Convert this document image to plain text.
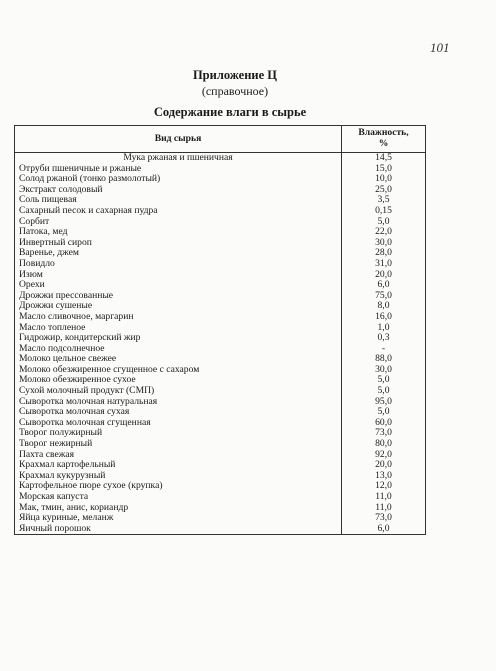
101
Приложение Ц
(справочное)
Содержание влаги в сырье
Вид сырья	Влажность,
%

Мука ржаная и пшеничная	14,5
Отруби пшеничные и ржаные	15,0
Солод ржаной (тонко размолотый)	10,0
Экстракт солодовый	25,0
Соль пищевая	3,5
Сахарный песок и сахарная пудра	0,15
Сорбит	5,0
Патока, мед	22,0
Инвертный сироп	30,0
Варенье, джем	28,0
Повидло	31,0
Изюм	20,0
Орехи	6,0
Дрожжи прессованные	75,0
Дрожжи сушеные	8,0
Масло сливочное, маргарин	16,0
Масло топленое	1,0
Гидрожир, кондитерский жир	0,3
Масло подсолнечное	-
Молоко цельное свежее	88,0
Молоко обезжиренное сгущенное с сахаром	30,0
Молоко обезжиренное сухое	5,0
Сухой молочный продукт (СМП)	5,0
Сыворотка молочная натуральная	95,0
Сыворотка молочная сухая	5,0
Сыворотка молочная сгущенная	60,0
Творог полужирный	73,0
Творог нежирный	80,0
Пахта свежая	92,0
Крахмал картофельный	20,0
Крахмал кукурузный	13,0
Картофельное пюре сухое (крупка)	12,0
Морская капуста	11,0
Мак, тмин, анис, кориандр	11,0
Яйца куриные, меланж	73,0
Яичный порошок	6,0
